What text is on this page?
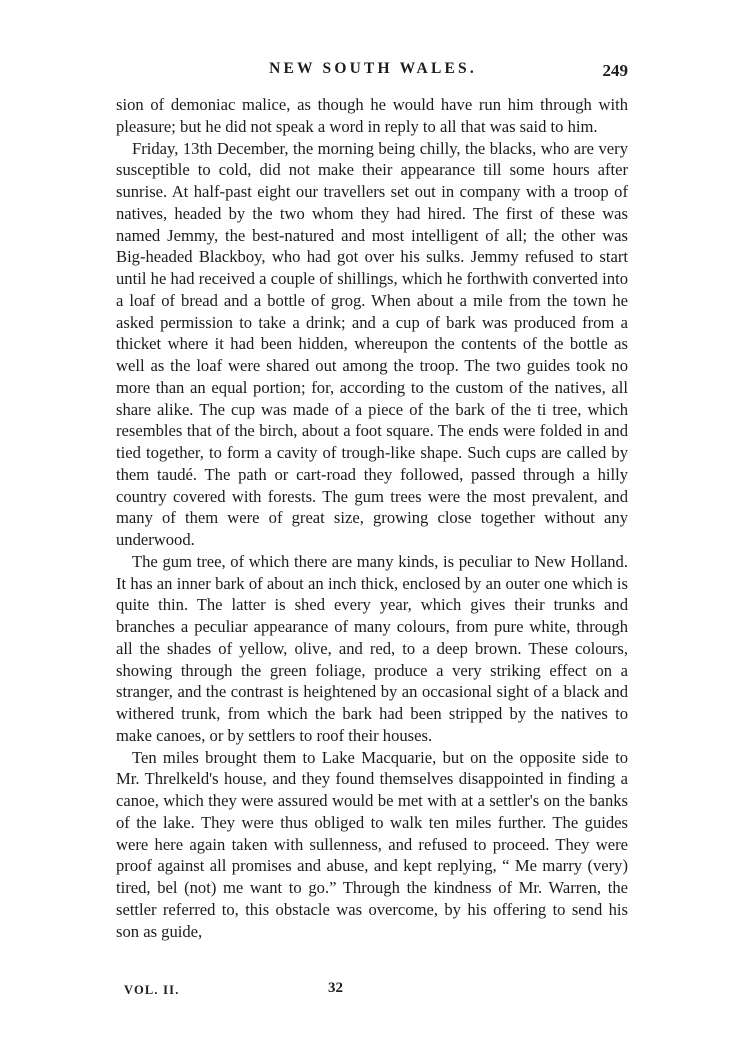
NEW SOUTH WALES.	249

sion of demoniac malice, as though he would have run him through with pleasure; but he did not speak a word in reply to all that was said to him.

Friday, 13th December, the morning being chilly, the blacks, who are very susceptible to cold, did not make their appearance till some hours after sunrise. At half-past eight our travellers set out in company with a troop of natives, headed by the two whom they had hired. The first of these was named Jemmy, the best-natured and most intelligent of all; the other was Big-headed Blackboy, who had got over his sulks. Jemmy refused to start until he had received a couple of shillings, which he forthwith converted into a loaf of bread and a bottle of grog. When about a mile from the town he asked permission to take a drink; and a cup of bark was produced from a thicket where it had been hidden, whereupon the contents of the bottle as well as the loaf were shared out among the troop. The two guides took no more than an equal portion; for, according to the custom of the natives, all share alike. The cup was made of a piece of the bark of the ti tree, which resembles that of the birch, about a foot square. The ends were folded in and tied together, to form a cavity of trough-like shape. Such cups are called by them taudé. The path or cart-road they followed, passed through a hilly country covered with forests. The gum trees were the most prevalent, and many of them were of great size, growing close together without any underwood.

The gum tree, of which there are many kinds, is peculiar to New Holland. It has an inner bark of about an inch thick, enclosed by an outer one which is quite thin. The latter is shed every year, which gives their trunks and branches a peculiar appearance of many colours, from pure white, through all the shades of yellow, olive, and red, to a deep brown. These colours, showing through the green foliage, produce a very striking effect on a stranger, and the contrast is heightened by an occasional sight of a black and withered trunk, from which the bark had been stripped by the natives to make canoes, or by settlers to roof their houses.

Ten miles brought them to Lake Macquarie, but on the opposite side to Mr. Threlkeld's house, and they found themselves disappointed in finding a canoe, which they were assured would be met with at a settler's on the banks of the lake. They were thus obliged to walk ten miles further. The guides were here again taken with sullenness, and refused to proceed. They were proof against all promises and abuse, and kept replying, “ Me marry (very) tired, bel (not) me want to go.” Through the kindness of Mr. Warren, the settler referred to, this obstacle was overcome, by his offering to send his son as guide,

VOL. II.	32
